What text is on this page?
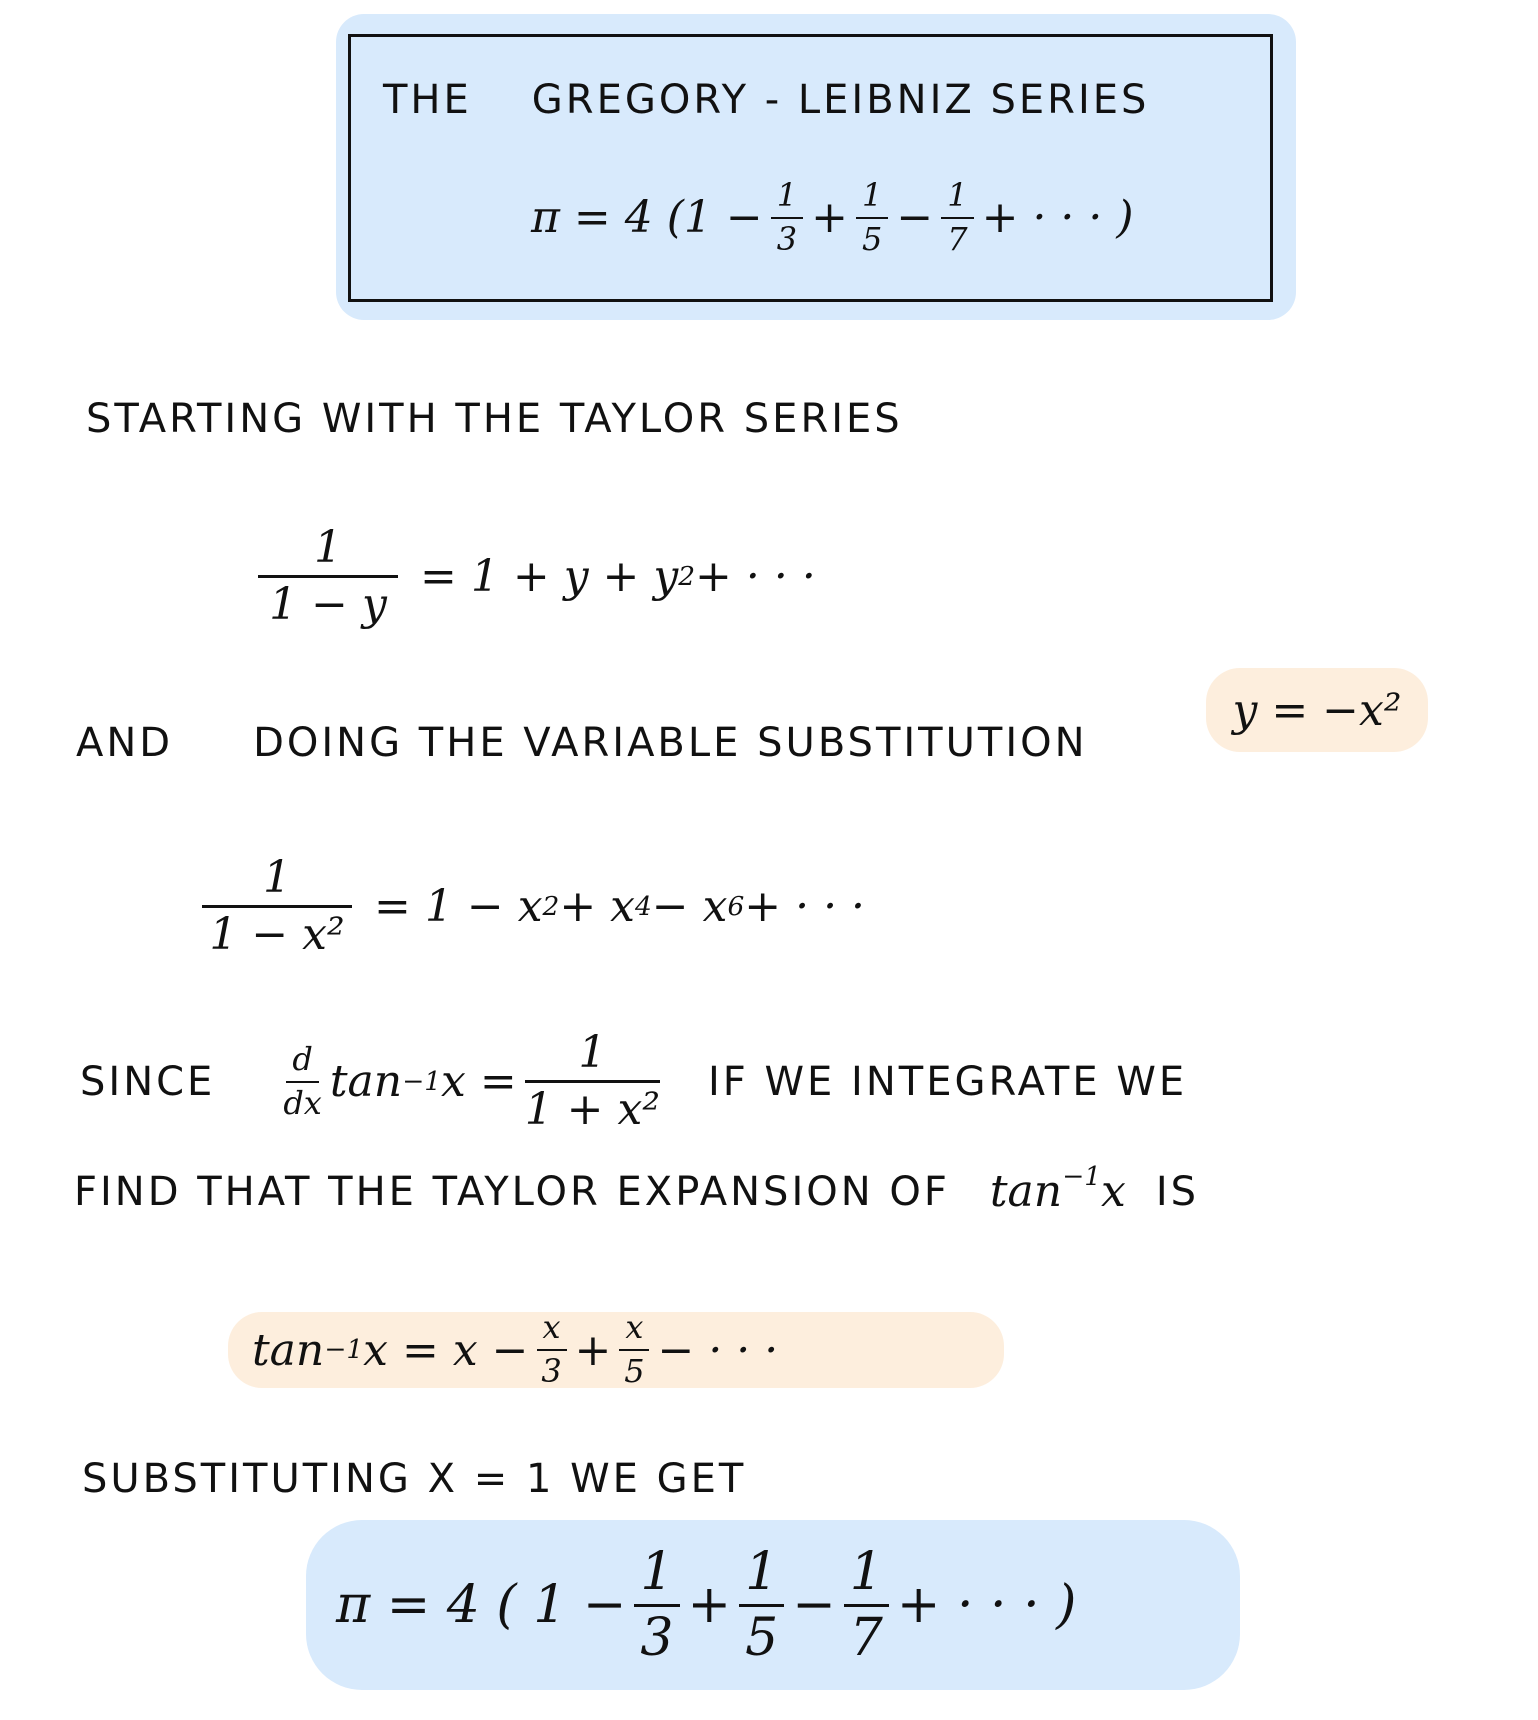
THE GREGORY - LEIBNIZ SERIES
π = 4 ($1 - \frac{1}{3} + \frac{1}{5} - \frac{1}{7}$ + · · · )
STARTING WITH THE TAYLOR SERIES
$\frac{1}{1 - y} = 1 + y + y$ 2 + · · ·
AND DOING THE VARIABLE SUBSTITUTION
y = −x²
$\frac{1}{\text{1 − x²}} = 1 - x$ 2 + x 4 − x 6 + · · ·
SINCE $\frac{d}{dx}$ tan −1 $x = \frac{1}{\text{1 + x²}}$ IF WE INTEGRATE WE
FIND THAT THE TAYLOR EXPANSION OF $\tan^{-1}x$ IS
tan −1 $x = x - \frac{x}{3} + \frac{x}{5}$ − · · ·
SUBSTITUTING X = 1 WE GET
π = 4 ( $1 - \frac{1}{3} + \frac{1}{5} - \frac{1}{7}$ + · · · )
